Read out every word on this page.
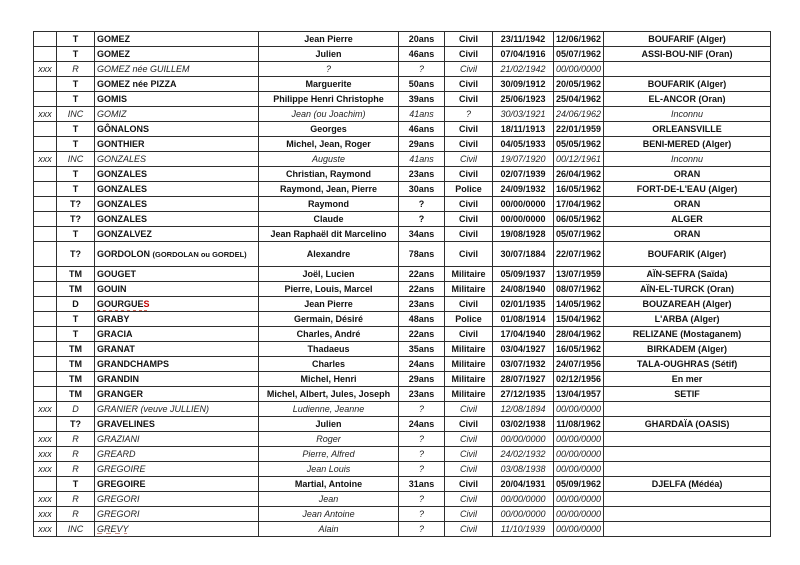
	T	GOMEZ	Jean Pierre	20ans	Civil	23/11/1942	12/06/1962	BOUFARIF (Alger)
	T	GOMEZ	Julien	46ans	Civil	07/04/1916	05/07/1962	ASSI-BOU-NIF (Oran)
xxx	R	GOMEZ née GUILLEM	?	?	Civil	21/02/1942	00/00/0000	
	T	GOMEZ née PIZZA	Marguerite	50ans	Civil	30/09/1912	20/05/1962	BOUFARIK (Alger)
	T	GOMIS	Philippe Henri Christophe	39ans	Civil	25/06/1923	25/04/1962	EL-ANCOR (Oran)
xxx	INC	GOMIZ	Jean (ou Joachim)	41ans	?	30/03/1921	24/06/1962	Inconnu
	T	GÔNALONS	Georges	46ans	Civil	18/11/1913	22/01/1959	ORLEANSVILLE
	T	GONTHIER	Michel, Jean, Roger	29ans	Civil	04/05/1933	05/05/1962	BENI-MERED (Alger)
xxx	INC	GONZALES	Auguste	41ans	Civil	19/07/1920	00/12/1961	Inconnu
	T	GONZALES	Christian, Raymond	23ans	Civil	02/07/1939	26/04/1962	ORAN
	T	GONZALES	Raymond, Jean, Pierre	30ans	Police	24/09/1932	16/05/1962	FORT-DE-L'EAU (Alger)
	T?	GONZALES	Raymond	?	Civil	00/00/0000	17/04/1962	ORAN
	T?	GONZALES	Claude	?	Civil	00/00/0000	06/05/1962	ALGER
	T	GONZALVEZ	Jean Raphaël dit Marcelino	34ans	Civil	19/08/1928	05/07/1962	ORAN
	T?	GORDOLON (GORDOLAN ou GORDEL)	Alexandre	78ans	Civil	30/07/1884	22/07/1962	BOUFARIK (Alger)
	TM	GOUGET	Joël, Lucien	22ans	Militaire	05/09/1937	13/07/1959	AÏN-SEFRA (Saïda)
	TM	GOUIN	Pierre, Louis, Marcel	22ans	Militaire	24/08/1940	08/07/1962	AÏN-EL-TURCK (Oran)
	D	GOURGUES	Jean Pierre	23ans	Civil	02/01/1935	14/05/1962	BOUZAREAH (Alger)
	T	GRABY	Germain, Désiré	48ans	Police	01/08/1914	15/04/1962	L'ARBA (Alger)
	T	GRACIA	Charles, André	22ans	Civil	17/04/1940	28/04/1962	RELIZANE (Mostaganem)
	TM	GRANAT	Thadaeus	35ans	Militaire	03/04/1927	16/05/1962	BIRKADEM (Alger)
	TM	GRANDCHAMPS	Charles	24ans	Militaire	03/07/1932	24/07/1956	TALA-OUGHRAS (Sétif)
	TM	GRANDIN	Michel, Henri	29ans	Militaire	28/07/1927	02/12/1956	En mer
	TM	GRANGER	Michel, Albert, Jules, Joseph	23ans	Militaire	27/12/1935	13/04/1957	SETIF
xxx	D	GRANIER (veuve JULLIEN)	Ludienne, Jeanne	?	Civil	12/08/1894	00/00/0000	
	T?	GRAVELINES	Julien	24ans	Civil	03/02/1938	11/08/1962	GHARDAÏA (OASIS)
xxx	R	GRAZIANI	Roger	?	Civil	00/00/0000	00/00/0000	
xxx	R	GREARD	Pierre, Alfred	?	Civil	24/02/1932	00/00/0000	
xxx	R	GREGOIRE	Jean Louis	?	Civil	03/08/1938	00/00/0000	
	T	GREGOIRE	Martial, Antoine	31ans	Civil	20/04/1931	05/09/1962	DJELFA (Médéa)
xxx	R	GREGORI	Jean	?	Civil	00/00/0000	00/00/0000	
xxx	R	GREGORI	Jean Antoine	?	Civil	00/00/0000	00/00/0000	
xxx	INC	GREVY	Alain	?	Civil	11/10/1939	00/00/0000	
